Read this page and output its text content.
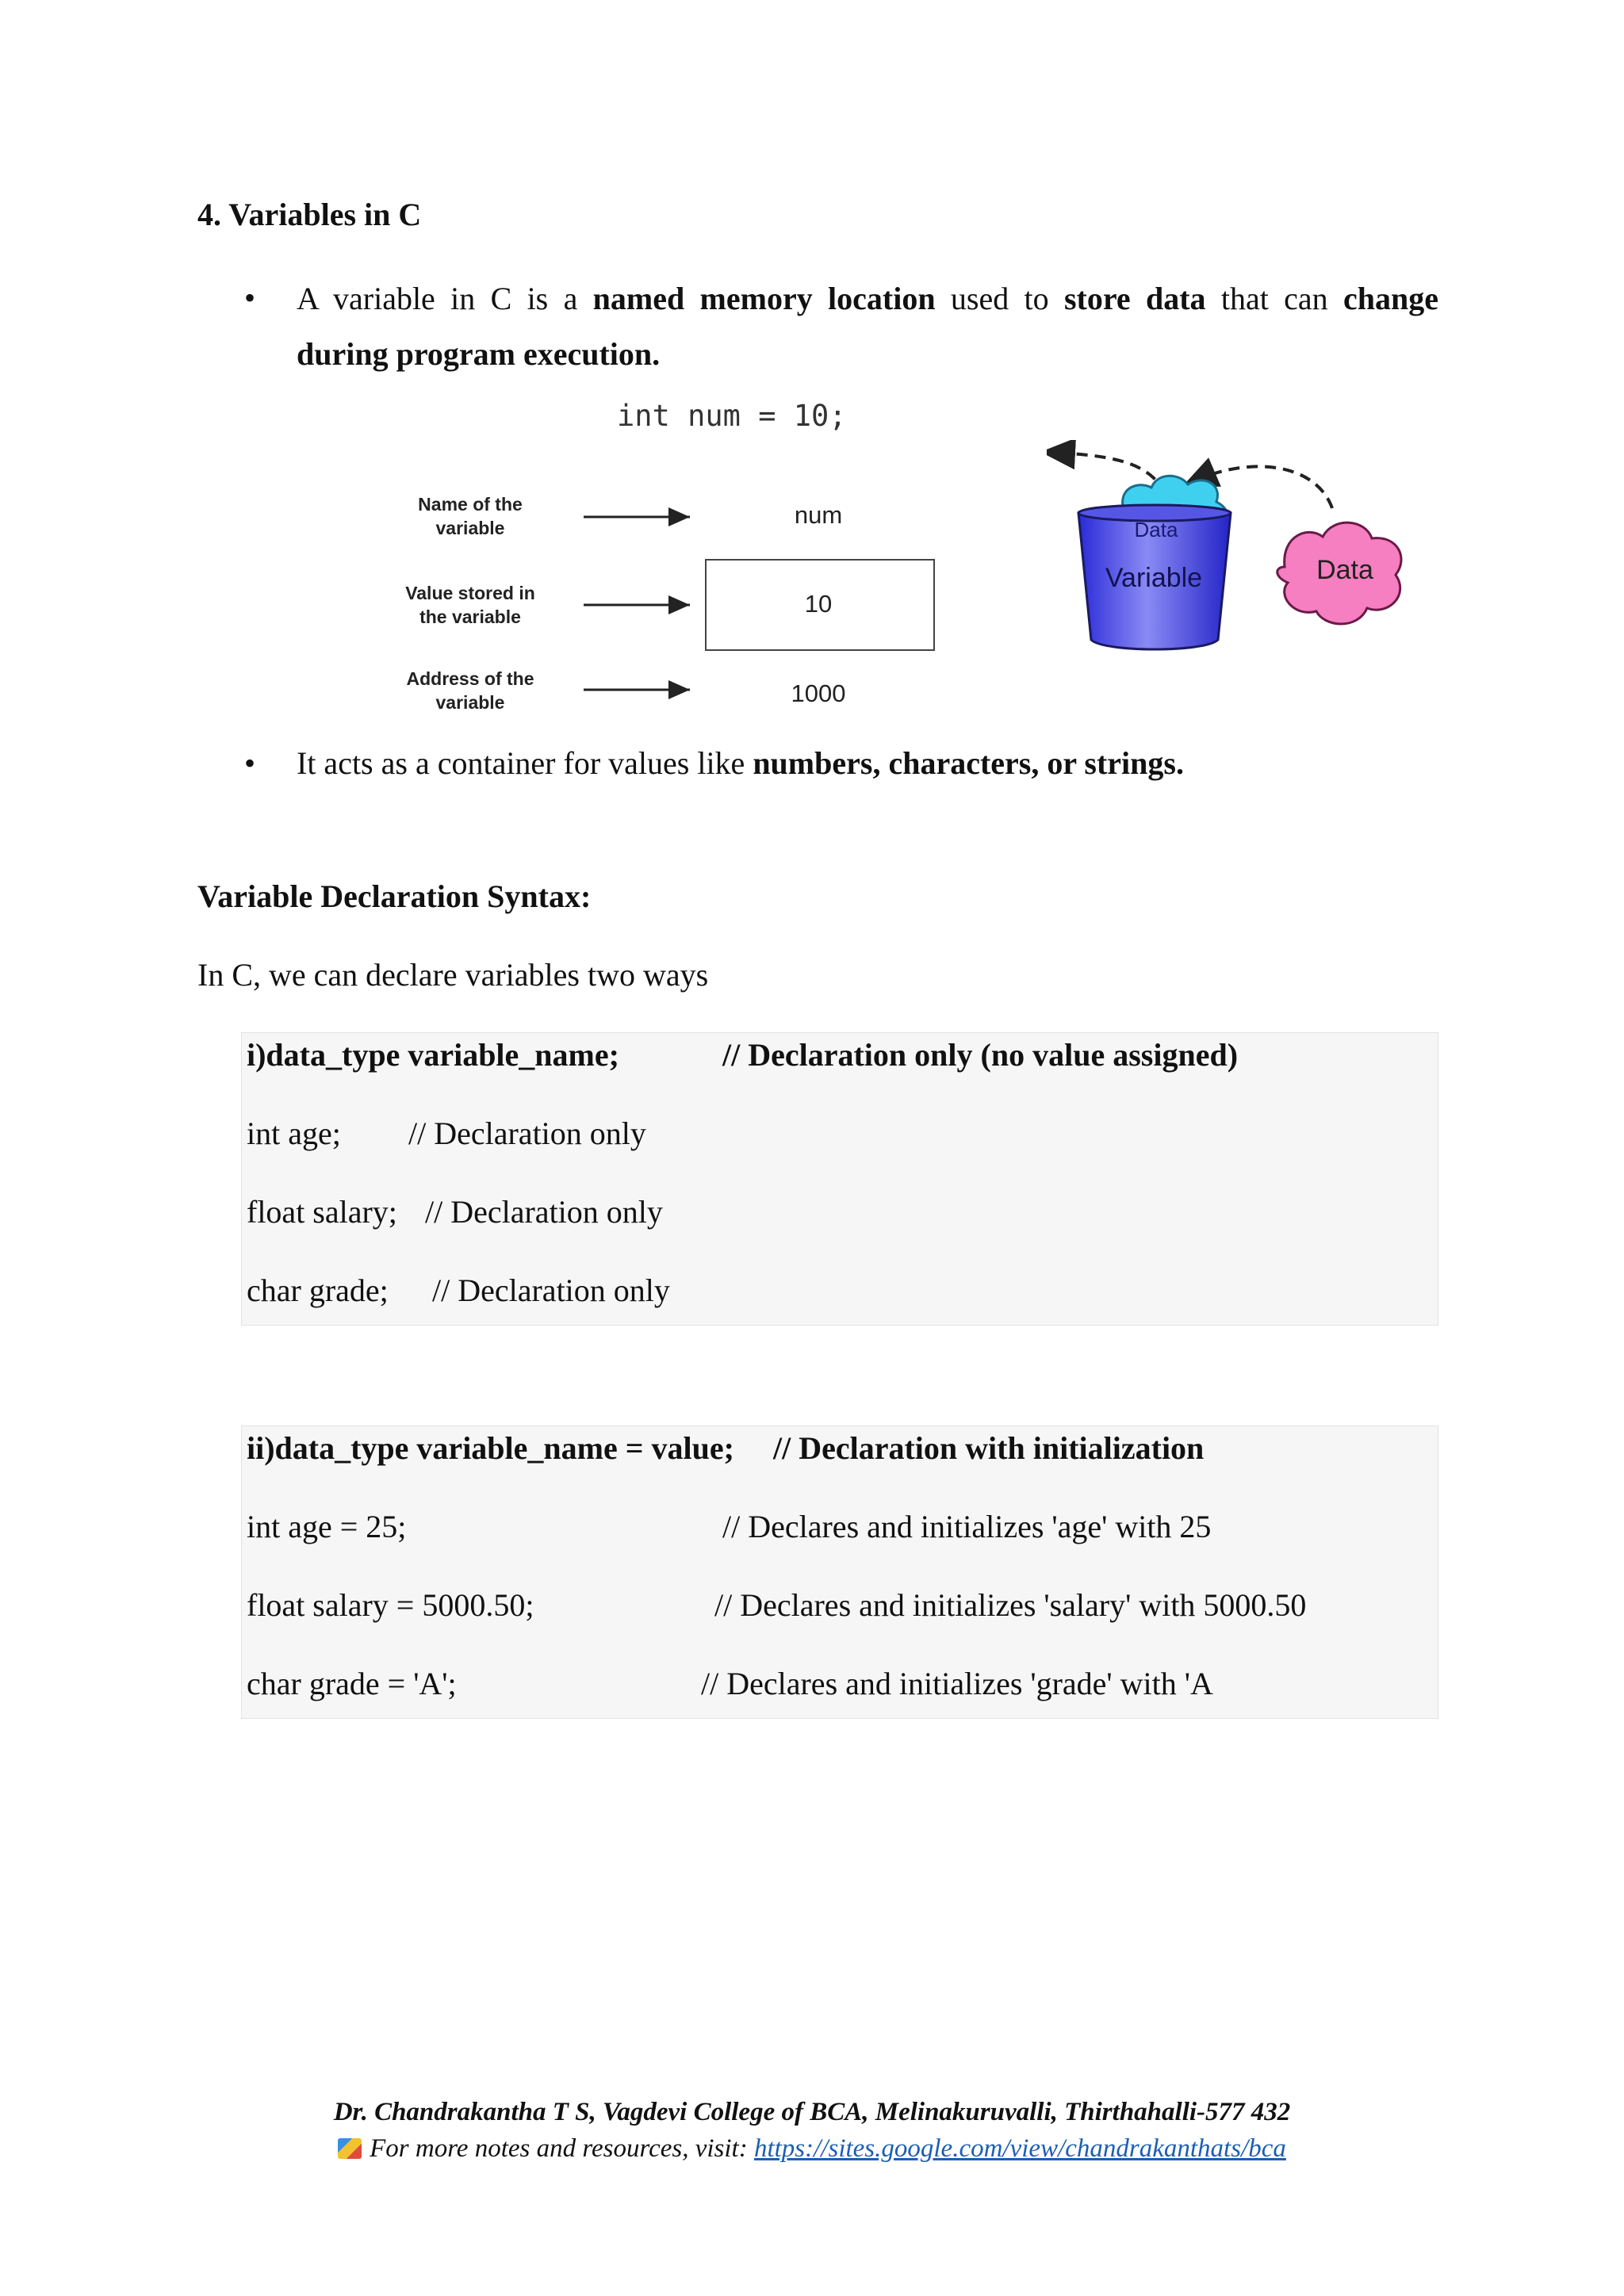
4. Variables in C
• A variable in C is a named memory location used to store data that can change
during program execution.
int num = 10;
Name of the
variable
Value stored in
the variable
Address of the
variable
num
10
1000
Data
Variable	Data
• It acts as a container for values like numbers, characters, or strings.
Variable Declaration Syntax:
In C, we can declare variables two ways
i)data_type variable_name;	// Declaration only (no value assigned)
int age; // Declaration only
float salary; // Declaration only
char grade; // Declaration only
ii)data_type variable_name = value; // Declaration with initialization
int age = 25;	// Declares and initializes 'age' with 25
float salary = 5000.50;	// Declares and initializes 'salary' with 5000.50
char grade = 'A';	// Declares and initializes 'grade' with 'A
Dr. Chandrakantha T S, Vagdevi College of BCA, Melinakuruvalli, Thirthahalli-577 432
For more notes and resources, visit: https://sites.google.com/view/chandrakanthats/bca
